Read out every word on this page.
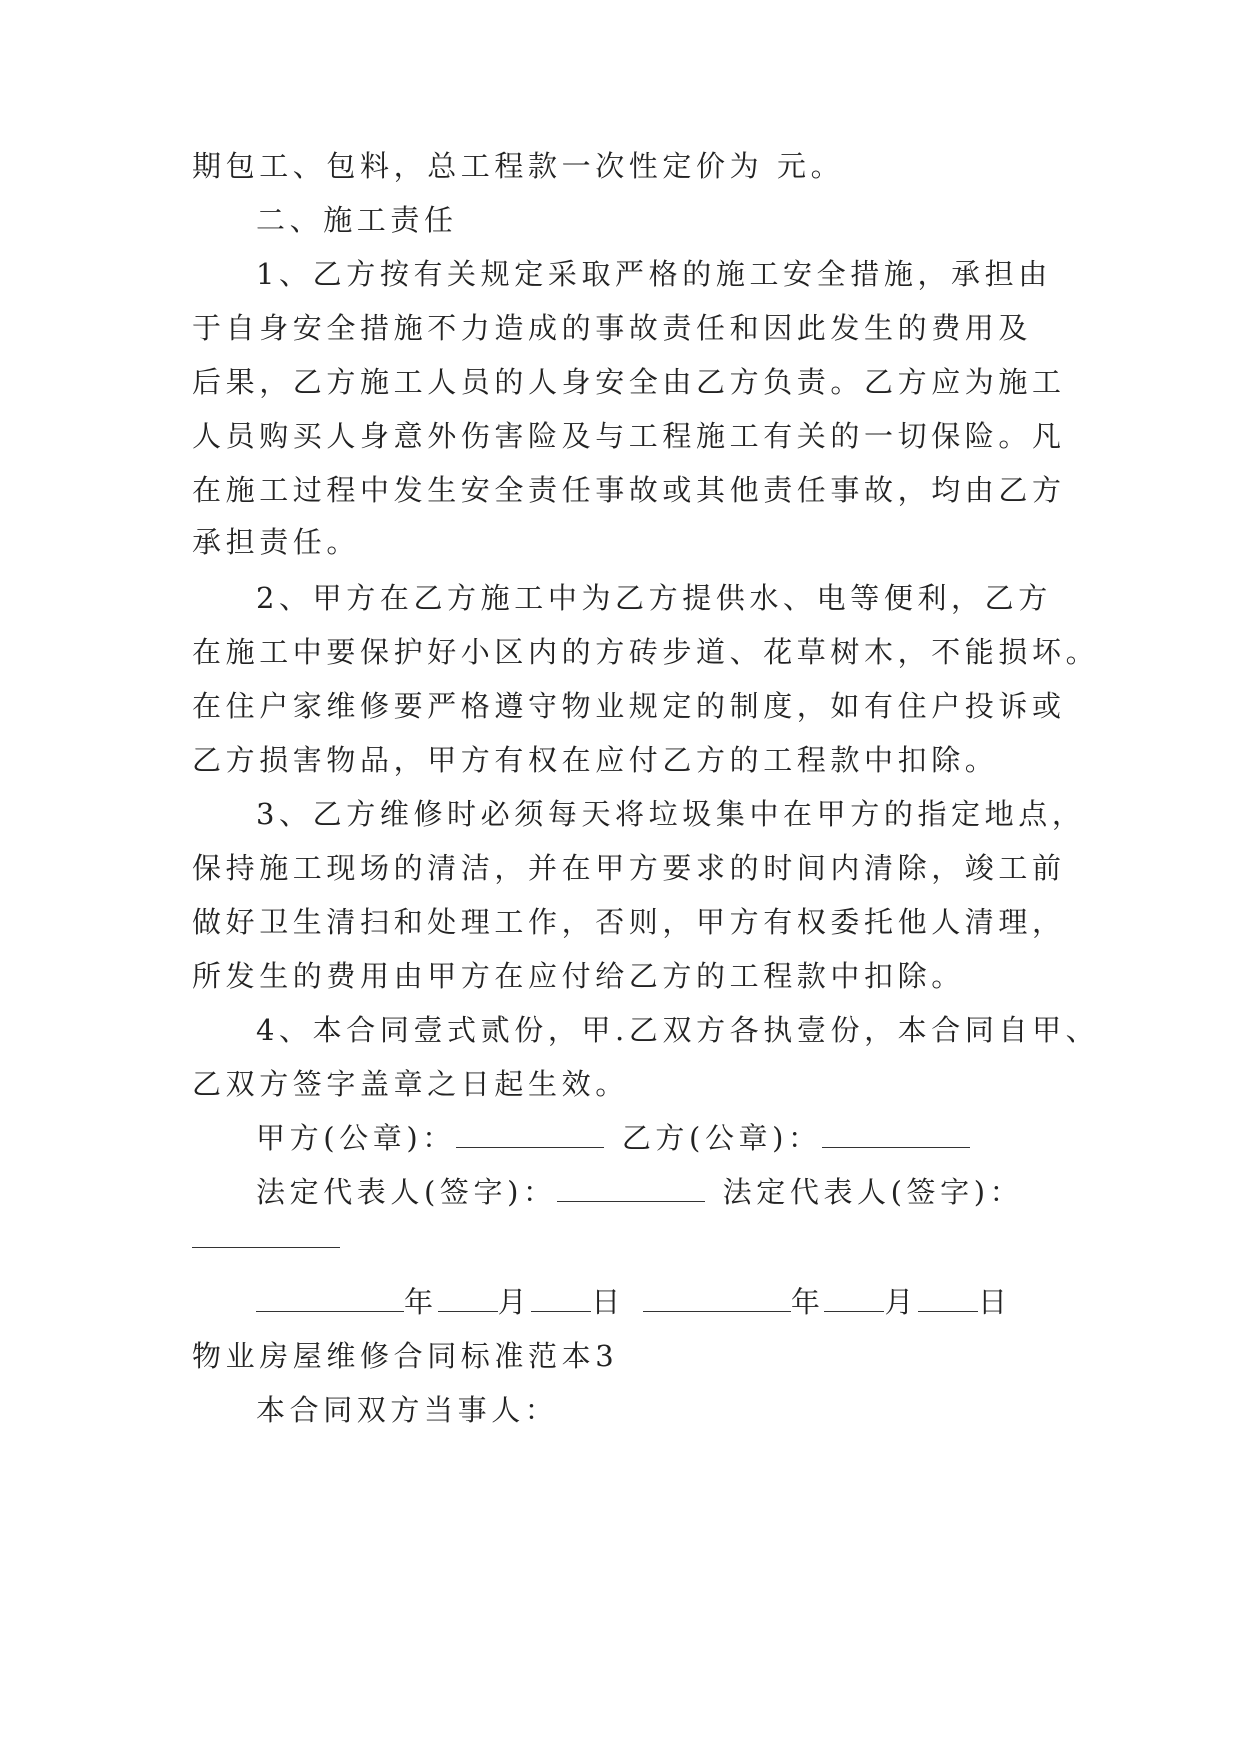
期包工、包料，总工程款一次性定价为 元。
二、施工责任
1、乙方按有关规定采取严格的施工安全措施，承担由
于自身安全措施不力造成的事故责任和因此发生的费用及
后果，乙方施工人员的人身安全由乙方负责。乙方应为施工
人员购买人身意外伤害险及与工程施工有关的一切保险。凡
在施工过程中发生安全责任事故或其他责任事故，均由乙方
承担责任。
2、甲方在乙方施工中为乙方提供水、电等便利，乙方
在施工中要保护好小区内的方砖步道、花草树木，不能损坏。
在住户家维修要严格遵守物业规定的制度，如有住户投诉或
乙方损害物品，甲方有权在应付乙方的工程款中扣除。
3、乙方维修时必须每天将垃圾集中在甲方的指定地点，
保持施工现场的清洁，并在甲方要求的时间内清除，竣工前
做好卫生清扫和处理工作，否则，甲方有权委托他人清理，
所发生的费用由甲方在应付给乙方的工程款中扣除。
4、本合同壹式贰份，甲.乙双方各执壹份，本合同自甲、
乙双方签字盖章之日起生效。
甲方(公章)：	乙方(公章)：
法定代表人(签字)：	法定代表人(签字)：
年 月 日	年 月 日
物业房屋维修合同标准范本3
本合同双方当事人：
